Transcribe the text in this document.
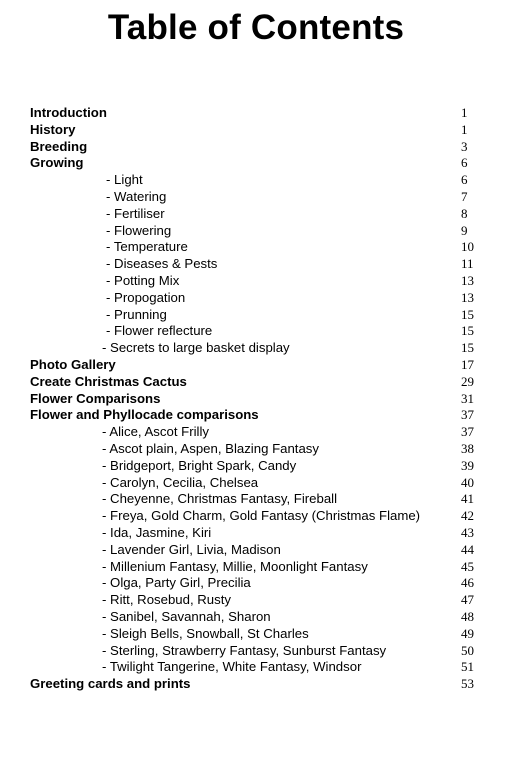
Table of Contents
Introduction	1
History	1
Breeding	3
Growing	6
- Light	6
- Watering	7
- Fertiliser	8
- Flowering	9
- Temperature	10
- Diseases & Pests	11
- Potting Mix	13
- Propogation	13
- Prunning	15
- Flower reflecture	15
- Secrets to large basket display	15
Photo Gallery	17
Create Christmas Cactus	29
Flower Comparisons	31
Flower and Phyllocade comparisons	37
- Alice, Ascot Frilly	37
- Ascot plain, Aspen, Blazing Fantasy	38
- Bridgeport, Bright Spark, Candy	39
- Carolyn, Cecilia, Chelsea	40
- Cheyenne, Christmas Fantasy, Fireball	41
- Freya, Gold Charm, Gold Fantasy (Christmas Flame)	42
- Ida, Jasmine, Kiri	43
- Lavender Girl, Livia, Madison	44
- Millenium Fantasy, Millie, Moonlight Fantasy	45
- Olga, Party Girl, Precilia	46
- Ritt, Rosebud, Rusty	47
- Sanibel, Savannah, Sharon	48
- Sleigh Bells, Snowball, St Charles	49
- Sterling, Strawberry Fantasy, Sunburst Fantasy	50
- Twilight Tangerine, White Fantasy, Windsor	51
Greeting cards and prints	53
